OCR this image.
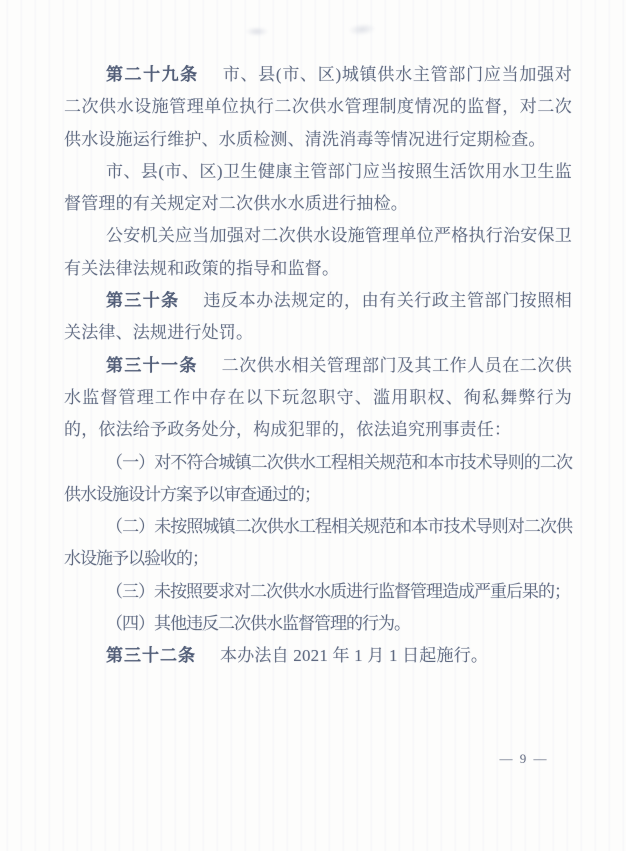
第二十九条 市、县(市、区)城镇供水主管部门应当加强对二次供水设施管理单位执行二次供水管理制度情况的监督，对二次供水设施运行维护、水质检测、清洗消毒等情况进行定期检查。

市、县(市、区)卫生健康主管部门应当按照生活饮用水卫生监督管理的有关规定对二次供水水质进行抽检。

公安机关应当加强对二次供水设施管理单位严格执行治安保卫有关法律法规和政策的指导和监督。

第三十条 违反本办法规定的，由有关行政主管部门按照相关法律、法规进行处罚。

第三十一条 二次供水相关管理部门及其工作人员在二次供水监督管理工作中存在以下玩忽职守、滥用职权、徇私舞弊行为的，依法给予政务处分，构成犯罪的，依法追究刑事责任：

（一）对不符合城镇二次供水工程相关规范和本市技术导则的二次供水设施设计方案予以审查通过的；

（二）未按照城镇二次供水工程相关规范和本市技术导则对二次供水设施予以验收的；

（三）未按照要求对二次供水水质进行监督管理造成严重后果的；

（四）其他违反二次供水监督管理的行为。

第三十二条 本办法自 2021 年 1 月 1 日起施行。

— 9 —
